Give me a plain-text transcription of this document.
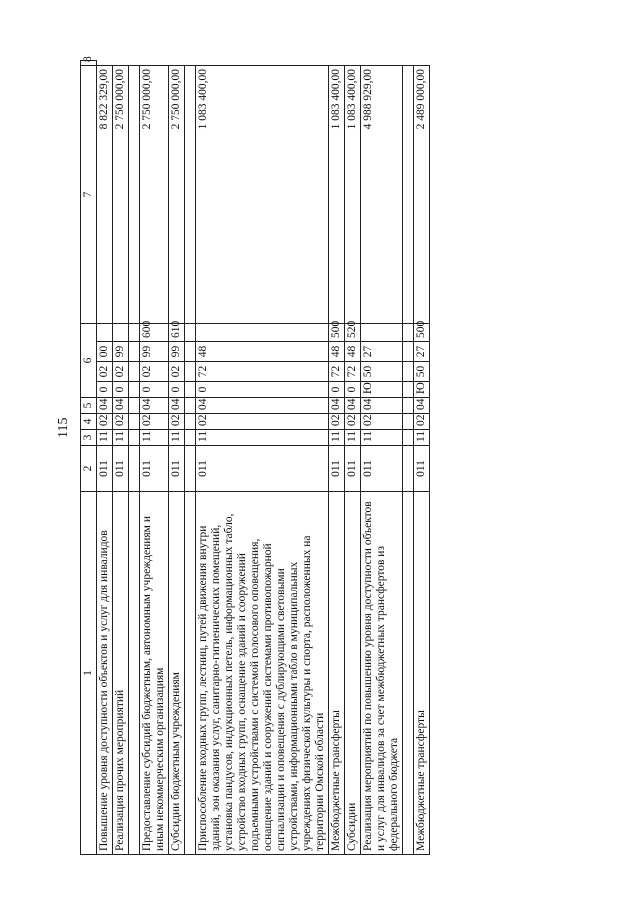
115
1	2	3	4	5	6				7	8
Повышение уровня доступности объектов и услуг для инвалидов	011	11	02	04	0	02	00		8 822 329,00	
Реализация прочих мероприятий	011	11	02	04	0	02	99		2 750 000,00	

Предоставление субсидий бюджетным, автономным учреждениям и иным некоммерческим организациям	011	11	02	04	0	02	99	600	2 750 000,00	
Субсидии бюджетным учреждениям	011	11	02	04	0	02	99	610	2 750 000,00	

Приспособление входных групп, лестниц, путей движения внутри зданий, зон оказания услуг, санитарно-гигиенических помещений, установка пандусов, индукционных петель, информационных табло, устройство входных групп, оснащение зданий и сооружений подъемными устройствами с системой голосового оповещения, оснащение зданий и сооружений системами противопожарной сигнализации и оповещения с дублирующими световыми устройствами, информационными табло в муниципальных учреждениях физической культуры и спорта, расположенных на территории Омской области	011	11	02	04	0	72	48		1 083 400,00	
Межбюджетные трансферты	011	11	02	04	0	72	48	500	1 083 400,00	
Субсидии	011	11	02	04	0	72	48	520	1 083 400,00	
Реализация мероприятий по повышению уровня доступности объектов и услуг для инвалидов за счет межбюджетных трансфертов из федерального бюджета	011	11	02	04	Ю	50	27		4 988 929,00	

Межбюджетные трансферты	011	11	02	04	Ю	50	27	500	2 489 000,00	
